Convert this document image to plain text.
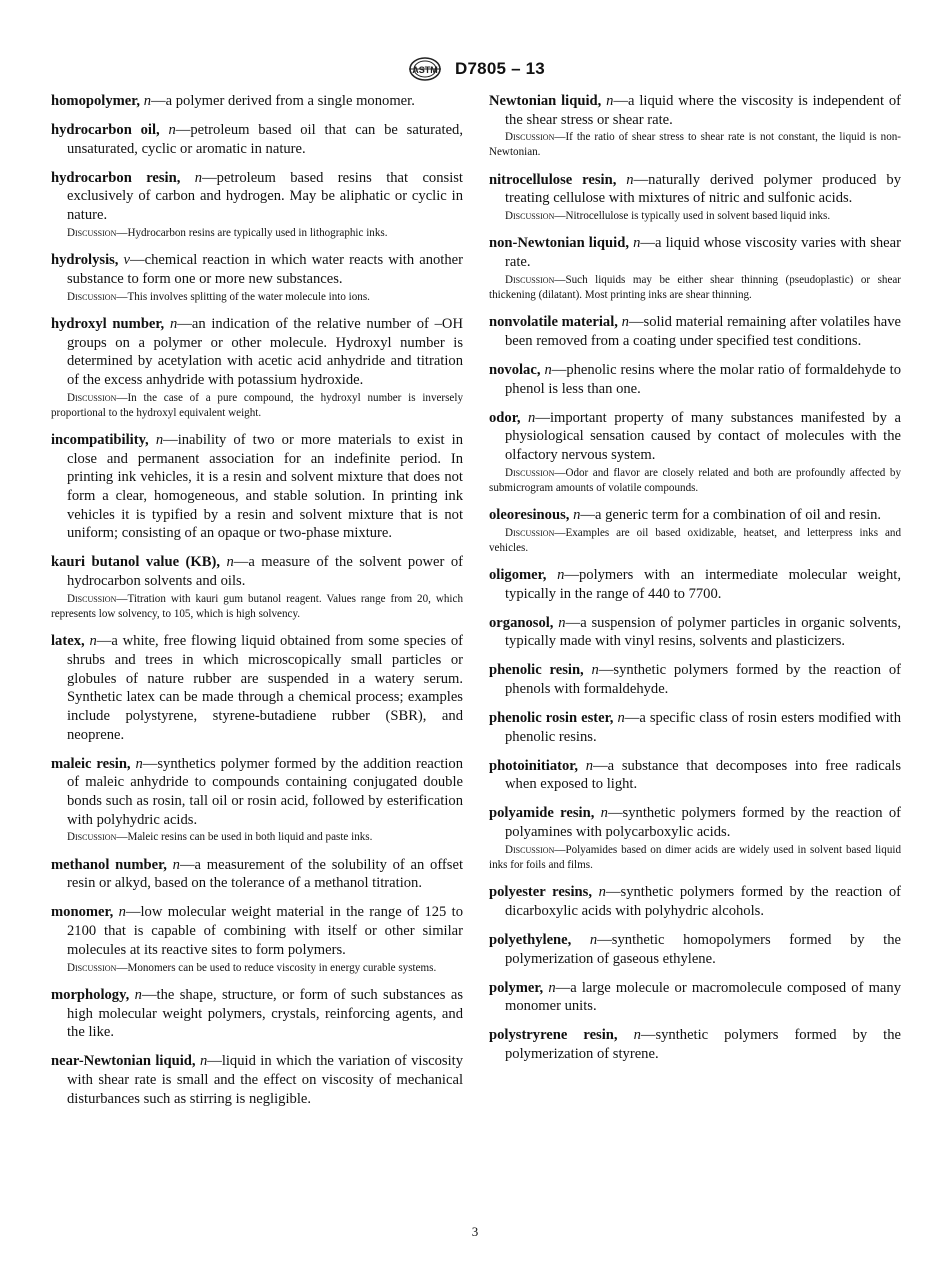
ASTM D7805 – 13
homopolymer, n—a polymer derived from a single monomer.
hydrocarbon oil, n—petroleum based oil that can be saturated, unsaturated, cyclic or aromatic in nature.
hydrocarbon resin, n—petroleum based resins that consist exclusively of carbon and hydrogen. May be aliphatic or cyclic in nature.
Discussion—Hydrocarbon resins are typically used in lithographic inks.
hydrolysis, v—chemical reaction in which water reacts with another substance to form one or more new substances.
Discussion—This involves splitting of the water molecule into ions.
hydroxyl number, n—an indication of the relative number of –OH groups on a polymer or other molecule. Hydroxyl number is determined by acetylation with acetic acid anhydride and titration of the excess anhydride with potassium hydroxide.
Discussion—In the case of a pure compound, the hydroxyl number is inversely proportional to the hydroxyl equivalent weight.
incompatibility, n—inability of two or more materials to exist in close and permanent association for an indefinite period. In printing ink vehicles, it is a resin and solvent mixture that does not form a clear, homogeneous, and stable solution. In printing ink vehicles it is typified by a resin and solvent mixture that is not uniform; consisting of an opaque or two-phase mixture.
kauri butanol value (KB), n—a measure of the solvent power of hydrocarbon solvents and oils.
Discussion—Titration with kauri gum butanol reagent. Values range from 20, which represents low solvency, to 105, which is high solvency.
latex, n—a white, free flowing liquid obtained from some species of shrubs and trees in which microscopically small particles or globules of nature rubber are suspended in a watery serum. Synthetic latex can be made through a chemical process; examples include polystyrene, styrene-butadiene rubber (SBR), and neoprene.
maleic resin, n—synthetics polymer formed by the addition reaction of maleic anhydride to compounds containing conjugated double bonds such as rosin, tall oil or rosin acid, followed by esterification with polyhydric acids.
Discussion—Maleic resins can be used in both liquid and paste inks.
methanol number, n—a measurement of the solubility of an offset resin or alkyd, based on the tolerance of a methanol titration.
monomer, n—low molecular weight material in the range of 125 to 2100 that is capable of combining with itself or other similar molecules at its reactive sites to form polymers.
Discussion—Monomers can be used to reduce viscosity in energy curable systems.
morphology, n—the shape, structure, or form of such substances as high molecular weight polymers, crystals, reinforcing agents, and the like.
near-Newtonian liquid, n—liquid in which the variation of viscosity with shear rate is small and the effect on viscosity of mechanical disturbances such as stirring is negligible.
Newtonian liquid, n—a liquid where the viscosity is independent of the shear stress or shear rate.
Discussion—If the ratio of shear stress to shear rate is not constant, the liquid is non-Newtonian.
nitrocellulose resin, n—naturally derived polymer produced by treating cellulose with mixtures of nitric and sulfonic acids.
Discussion—Nitrocellulose is typically used in solvent based liquid inks.
non-Newtonian liquid, n—a liquid whose viscosity varies with shear rate.
Discussion—Such liquids may be either shear thinning (pseudoplastic) or shear thickening (dilatant). Most printing inks are shear thinning.
nonvolatile material, n—solid material remaining after volatiles have been removed from a coating under specified test conditions.
novolac, n—phenolic resins where the molar ratio of formaldehyde to phenol is less than one.
odor, n—important property of many substances manifested by a physiological sensation caused by contact of molecules with the olfactory nervous system.
Discussion—Odor and flavor are closely related and both are profoundly affected by submicrogram amounts of volatile compounds.
oleoresinous, n—a generic term for a combination of oil and resin.
Discussion—Examples are oil based oxidizable, heatset, and letterpress inks and vehicles.
oligomer, n—polymers with an intermediate molecular weight, typically in the range of 440 to 7700.
organosol, n—a suspension of polymer particles in organic solvents, typically made with vinyl resins, solvents and plasticizers.
phenolic resin, n—synthetic polymers formed by the reaction of phenols with formaldehyde.
phenolic rosin ester, n—a specific class of rosin esters modified with phenolic resins.
photoinitiator, n—a substance that decomposes into free radicals when exposed to light.
polyamide resin, n—synthetic polymers formed by the reaction of polyamines with polycarboxylic acids.
Discussion—Polyamides based on dimer acids are widely used in solvent based liquid inks for foils and films.
polyester resins, n—synthetic polymers formed by the reaction of dicarboxylic acids with polyhydric alcohols.
polyethylene, n—synthetic homopolymers formed by the polymerization of gaseous ethylene.
polymer, n—a large molecule or macromolecule composed of many monomer units.
polystryrene resin, n—synthetic polymers formed by the polymerization of styrene.
3
